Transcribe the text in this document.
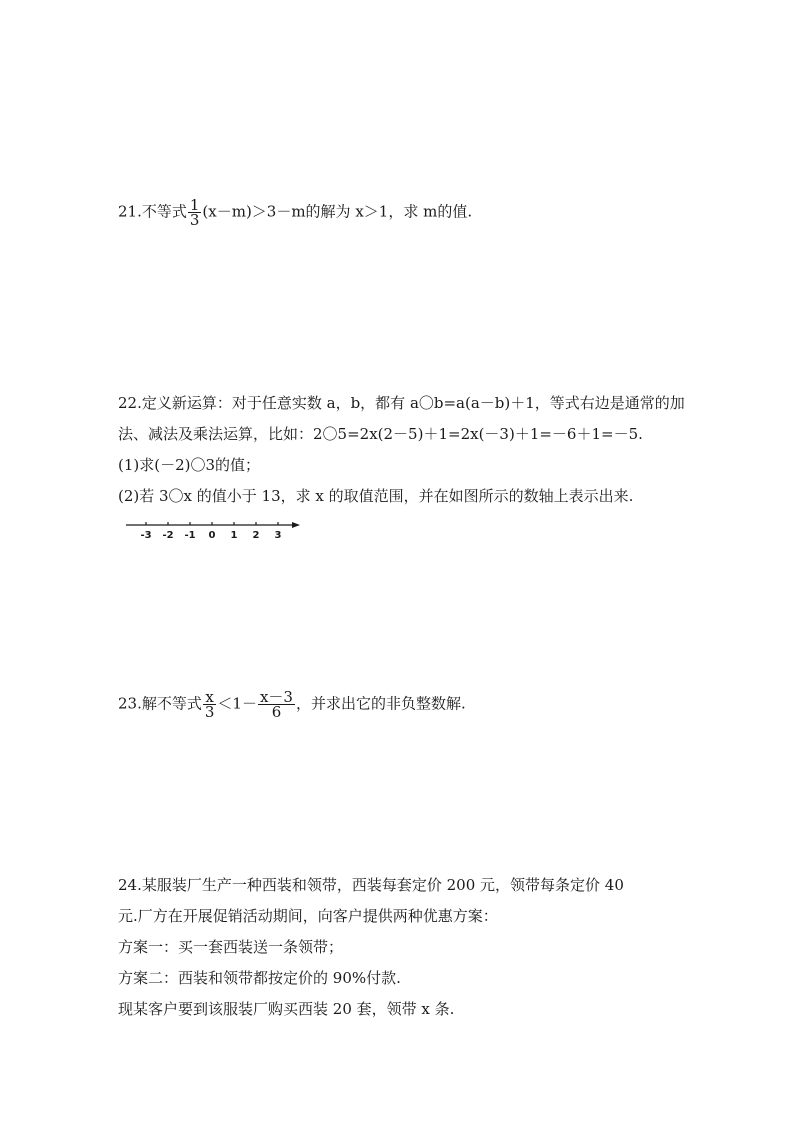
21.不等式 $\frac{1}{3} (x-m)>3-m$的解为 x＞1，求 m的值.
22.定义新运算：对于任意实数 a，b，都有 a〇b=a(a－b)＋1，等式右边是通常的加
法、减法及乘法运算，比如：2〇5=2x(2－5)＋1=2x(－3)＋1=－6＋1=－5.
(1)求(－2)〇3的值；
(2)若 3〇x 的值小于 13，求 x 的取值范围，并在如图所示的数轴上表示出来.
-3 -2 -1 0 1 2 3
23.解不等式 $\frac{x}{3} <1- \frac{x-3}{6}$ ，并求出它的非负整数解.
24.某服装厂生产一种西装和领带，西装每套定价 200 元，领带每条定价 40
元.厂方在开展促销活动期间，向客户提供两种优惠方案：
方案一：买一套西装送一条领带；
方案二：西装和领带都按定价的 90%付款.
现某客户要到该服装厂购买西装 20 套，领带 x 条.
